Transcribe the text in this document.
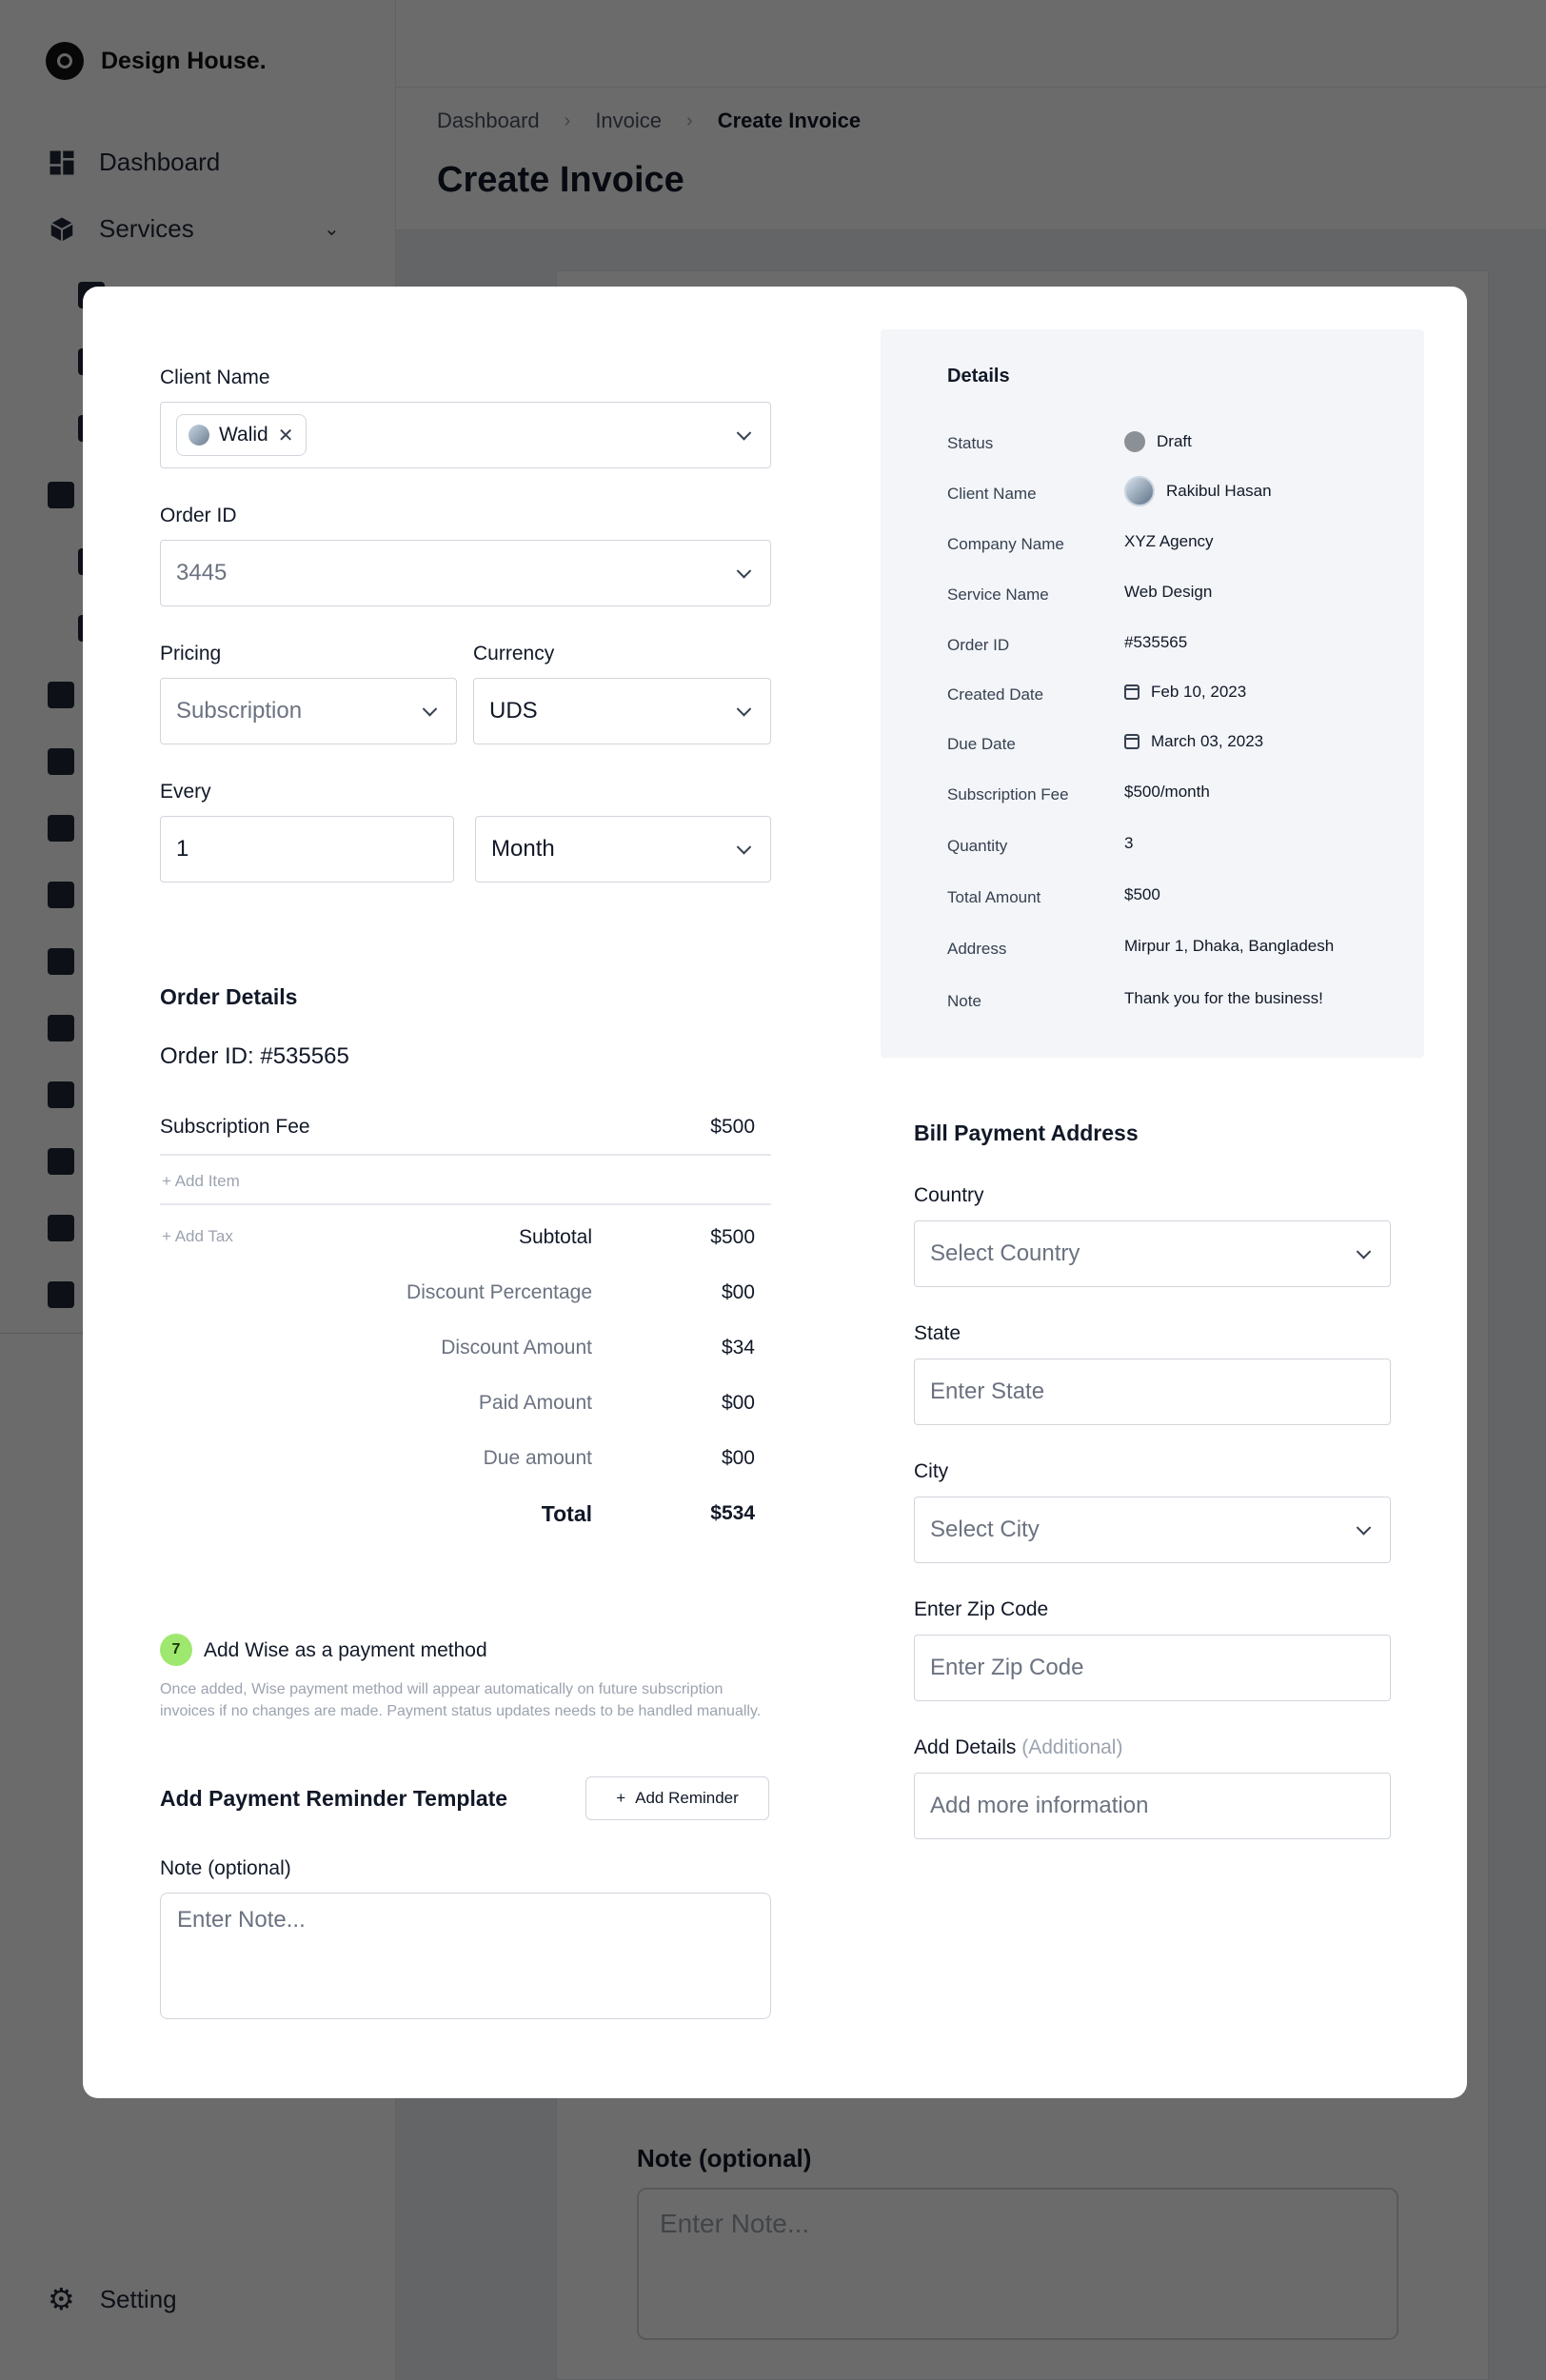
Client Name
Walid ✕
Order ID
3445
Pricing
Subscription
Currency
UDS
Every
1	Month
Order Details
Order ID: #535565
Subscription Fee	$500
+ Add Item
+ Add Tax	Subtotal	$500
Discount Percentage	$00
Discount Amount	$34
Paid Amount	$00
Due amount	$00
Total	$534
7	Add Wise as a payment method
Once added, Wise payment method will appear automatically on future subscription invoices if no changes are made. Payment status updates needs to be handled manually.
Add Payment Reminder Template	+ Add Reminder
Note (optional)
Enter Note...
Details
Status	Draft
Client Name	Rakibul Hasan
Company Name	XYZ Agency
Service Name	Web Design
Order ID	#535565
Created Date	Feb 10, 2023
Due Date	March 03, 2023
Subscription Fee	$500/month
Quantity	3
Total Amount	$500
Address	Mirpur 1, Dhaka, Bangladesh
Note	Thank you for the business!
Bill Payment Address
Country
Select Country
State
Enter State
City
Select City
Enter Zip Code
Enter Zip Code
Add Details (Additional)
Add more information
